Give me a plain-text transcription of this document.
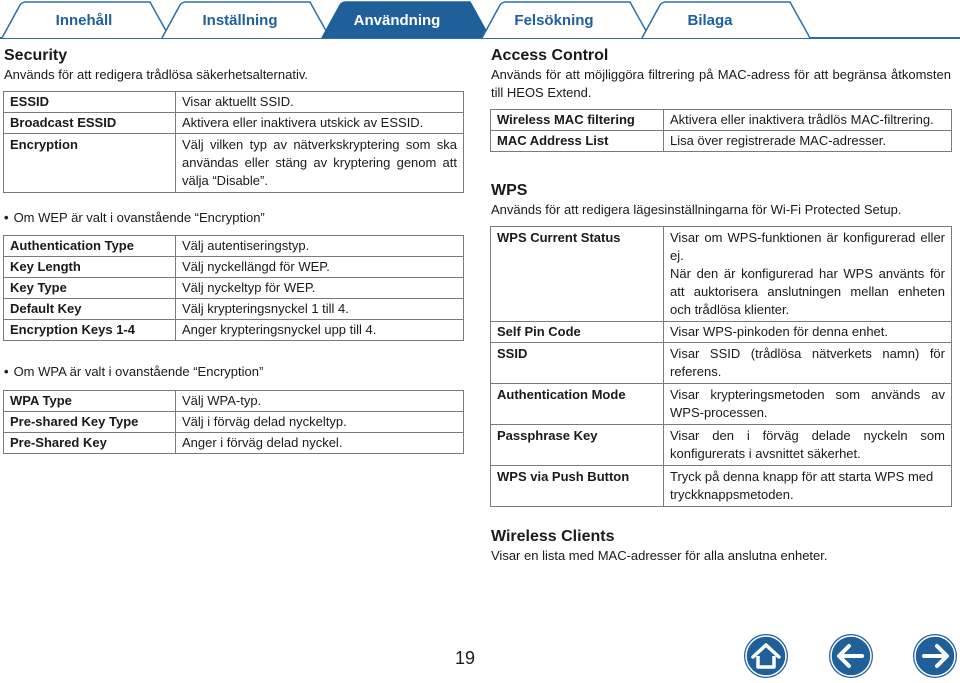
Innehåll	Inställning	Användning	Felsökning	Bilaga
Security
Används för att redigera trådlösa säkerhetsalternativ.
ESSID	Visar aktuellt SSID.
Broadcast ESSID	Aktivera eller inaktivera utskick av ESSID.
Encryption	Välj vilken typ av nätverkskryptering som ska användas eller stäng av kryptering genom att välja “Disable”.
• Om WEP är valt i ovanstående “Encryption”
Authentication Type	Välj autentiseringstyp.
Key Length	Välj nyckellängd för WEP.
Key Type	Välj nyckeltyp för WEP.
Default Key	Välj krypteringsnyckel 1 till 4.
Encryption Keys 1-4	Anger krypteringsnyckel upp till 4.
• Om WPA är valt i ovanstående “Encryption”
WPA Type	Välj WPA-typ.
Pre-shared Key Type	Välj i förväg delad nyckeltyp.
Pre-Shared Key	Anger i förväg delad nyckel.
Access Control
Används för att möjliggöra filtrering på MAC-adress för att begränsa åtkomsten till HEOS Extend.
Wireless MAC filtering	Aktivera eller inaktivera trådlös MAC-filtrering.
MAC Address List	Lisa över registrerade MAC-adresser.
WPS
Används för att redigera lägesinställningarna för Wi-Fi Protected Setup.
WPS Current Status	Visar om WPS-funktionen är konfigurerad eller ej.
När den är konfigurerad har WPS använts för att auktorisera anslutningen mellan enheten och trådlösa klienter.

Self Pin Code	Visar WPS-pinkoden för denna enhet.
SSID	Visar SSID (trådlösa nätverkets namn) för referens.
Authentication Mode	Visar krypteringsmetoden som används av WPS-processen.
Passphrase Key	Visar den i förväg delade nyckeln som konfigurerats i avsnittet säkerhet.
WPS via Push Button	Tryck på denna knapp för att starta WPS med tryckknappsmetoden.
Wireless Clients
Visar en lista med MAC-adresser för alla anslutna enheter.
19
